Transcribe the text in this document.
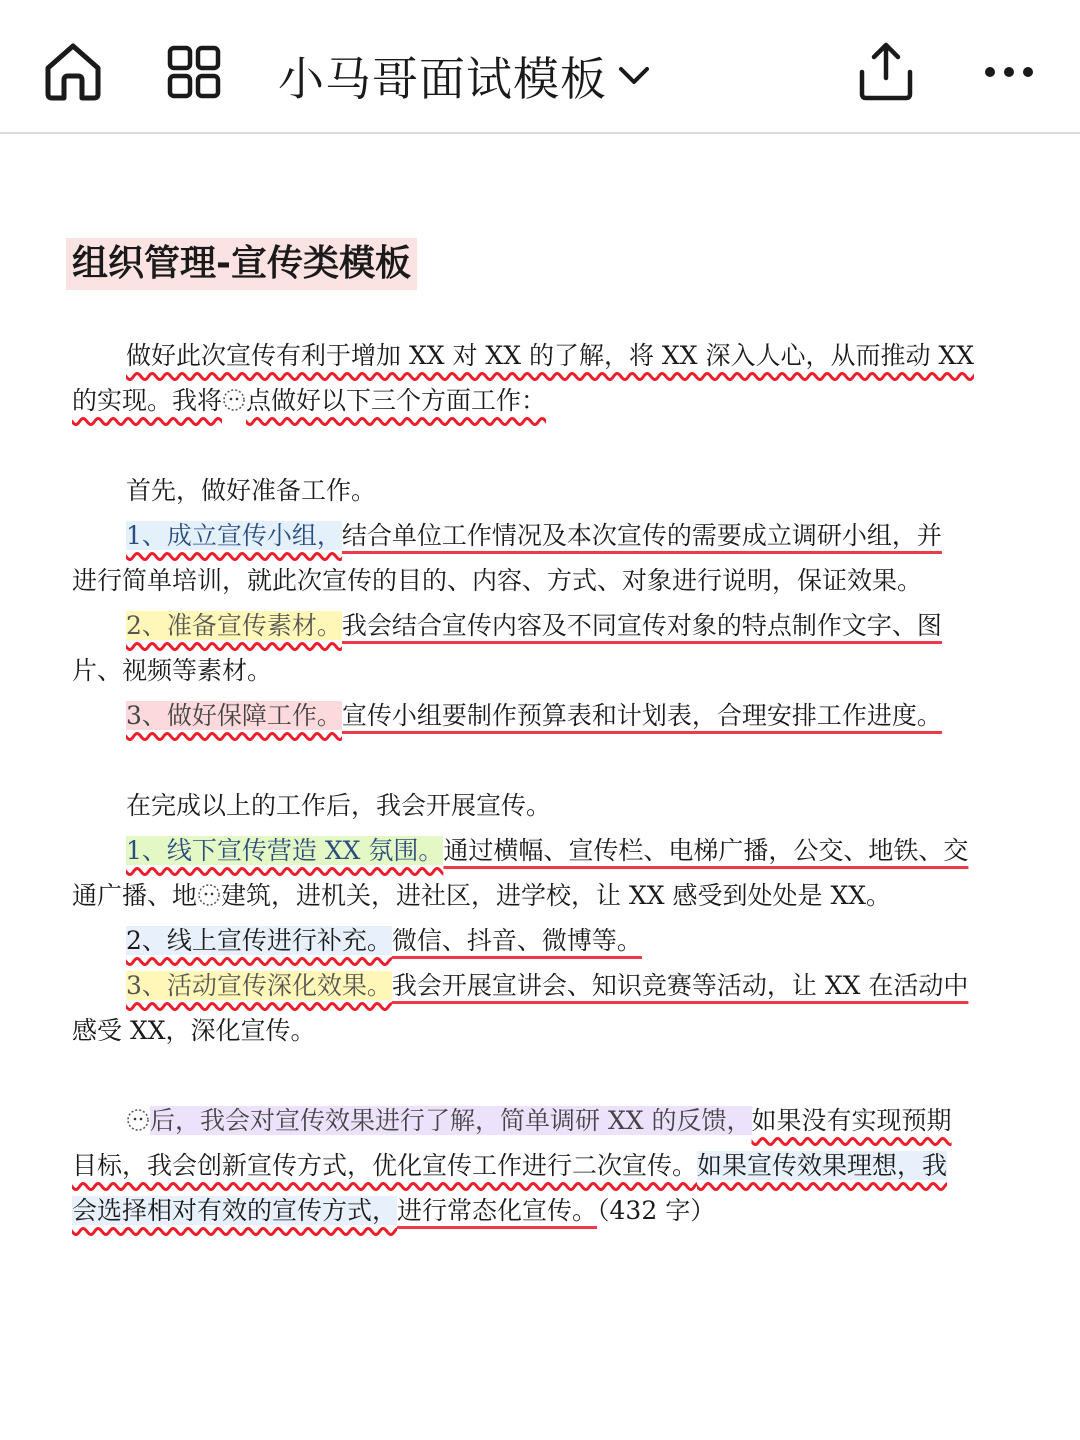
小马哥面试模板
组织管理-宣传类模板
做好此次宣传有利于增加 XX 对 XX 的了解，将 XX 深入人心，从而推动 XX
的实现。我将 点做好以下三个方面工作：
首先，做好准备工作。
1、成立宣传小组，结合单位工作情况及本次宣传的需要成立调研小组，并
进行简单培训，就此次宣传的目的、内容、方式、对象进行说明，保证效果。
2、准备宣传素材。我会结合宣传内容及不同宣传对象的特点制作文字、图
片、视频等素材。
3、做好保障工作。宣传小组要制作预算表和计划表，合理安排工作进度。
在完成以上的工作后，我会开展宣传。
1、线下宣传营造 XX 氛围。通过横幅、宣传栏、电梯广播，公交、地铁、交
通广播、地 建筑，进机关，进社区，进学校，让 XX 感受到处处是 XX。
2、线上宣传进行补充。微信、抖音、微博等。
3、活动宣传深化效果。我会开展宣讲会、知识竞赛等活动，让 XX 在活动中
感受 XX，深化宣传。
后，我会对宣传效果进行了解，简单调研 XX 的反馈，如果没有实现预期
目标，我会创新宣传方式，优化宣传工作进行二次宣传。如果宣传效果理想，我
会选择相对有效的宣传方式，进行常态化宣传。（432 字）
